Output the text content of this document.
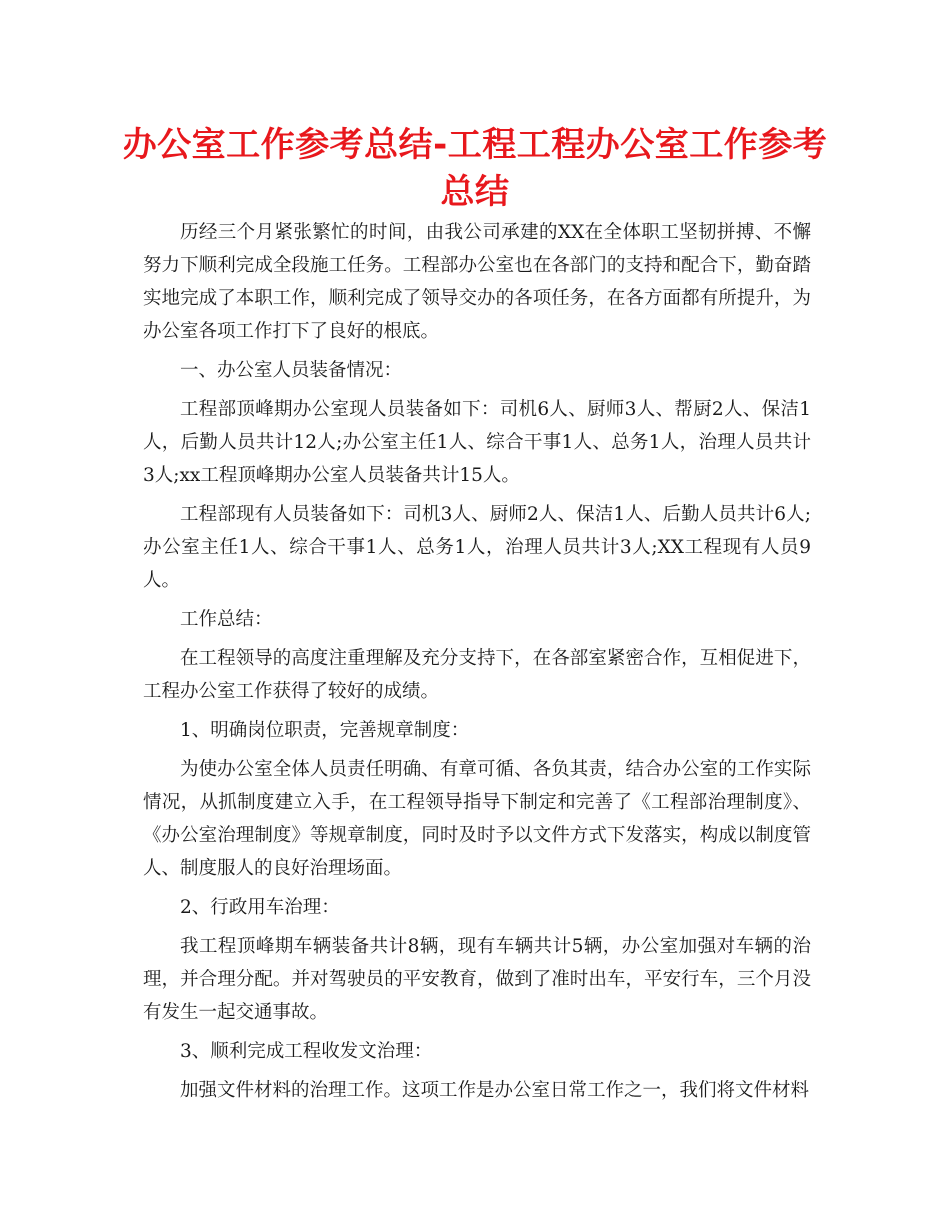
办公室工作参考总结-工程工程办公室工作参考总结

历经三个月紧张繁忙的时间，由我公司承建的XX在全体职工坚韧拼搏、不懈努力下顺利完成全段施工任务。工程部办公室也在各部门的支持和配合下，勤奋踏实地完成了本职工作，顺利完成了领导交办的各项任务，在各方面都有所提升，为办公室各项工作打下了良好的根底。

一、办公室人员装备情况：

工程部顶峰期办公室现人员装备如下：司机6人、厨师3人、帮厨2人、保洁1人，后勤人员共计12人;办公室主任1人、综合干事1人、总务1人，治理人员共计3人;xx工程顶峰期办公室人员装备共计15人。

工程部现有人员装备如下：司机3人、厨师2人、保洁1人、后勤人员共计6人;办公室主任1人、综合干事1人、总务1人，治理人员共计3人;XX工程现有人员9人。

工作总结：

在工程领导的高度注重理解及充分支持下，在各部室紧密合作，互相促进下，工程办公室工作获得了较好的成绩。

1、明确岗位职责，完善规章制度：

为使办公室全体人员责任明确、有章可循、各负其责，结合办公室的工作实际情况，从抓制度建立入手，在工程领导指导下制定和完善了《工程部治理制度》、《办公室治理制度》等规章制度，同时及时予以文件方式下发落实，构成以制度管人、制度服人的良好治理场面。

2、行政用车治理：

我工程顶峰期车辆装备共计8辆，现有车辆共计5辆，办公室加强对车辆的治理，并合理分配。并对驾驶员的平安教育，做到了准时出车，平安行车，三个月没有发生一起交通事故。

3、顺利完成工程收发文治理：

加强文件材料的治理工作。这项工作是办公室日常工作之一，我们将文件材料
